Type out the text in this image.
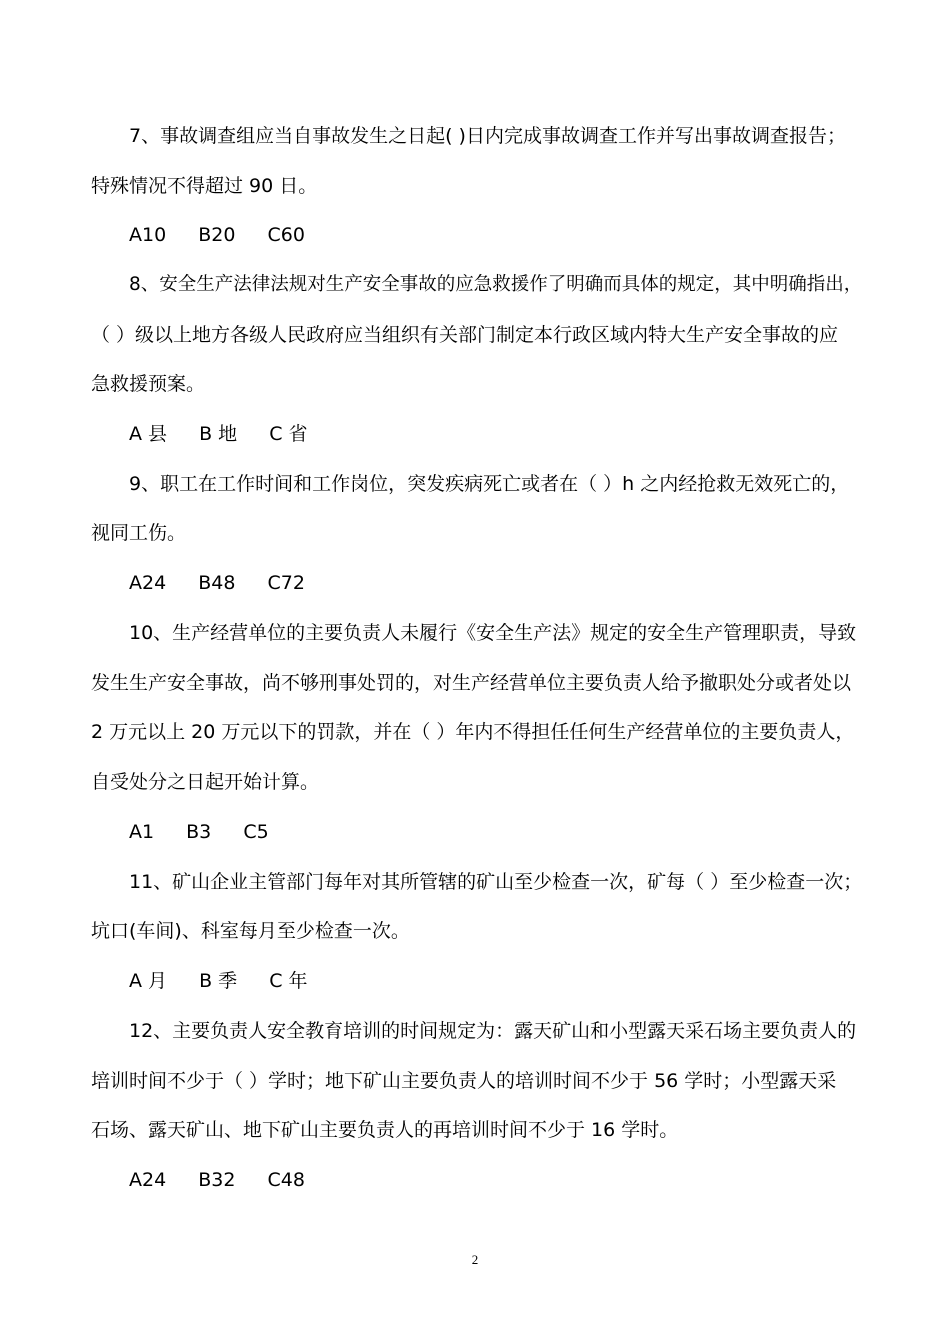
7、事故调查组应当自事故发生之日起( )日内完成事故调查工作并写出事故调查报告；
特殊情况不得超过 90 日。
A10 B20 C60
8、安全生产法律法规对生产安全事故的应急救援作了明确而具体的规定，其中明确指出，
（ ）级以上地方各级人民政府应当组织有关部门制定本行政区域内特大生产安全事故的应
急救援预案。
A 县 B 地 C 省
9、职工在工作时间和工作岗位，突发疾病死亡或者在（ ）h 之内经抢救无效死亡的，
视同工伤。
A24 B48 C72
10、生产经营单位的主要负责人未履行《安全生产法》规定的安全生产管理职责，导致
发生生产安全事故，尚不够刑事处罚的，对生产经营单位主要负责人给予撤职处分或者处以
2 万元以上 20 万元以下的罚款，并在（ ）年内不得担任任何生产经营单位的主要负责人，
自受处分之日起开始计算。
A1 B3 C5
11、矿山企业主管部门每年对其所管辖的矿山至少检查一次，矿每（ ）至少检查一次；
坑口(车间)、科室每月至少检查一次。
A 月 B 季 C 年
12、主要负责人安全教育培训的时间规定为：露天矿山和小型露天采石场主要负责人的
培训时间不少于（ ）学时；地下矿山主要负责人的培训时间不少于 56 学时；小型露天采
石场、露天矿山、地下矿山主要负责人的再培训时间不少于 16 学时。
A24 B32 C48
2
